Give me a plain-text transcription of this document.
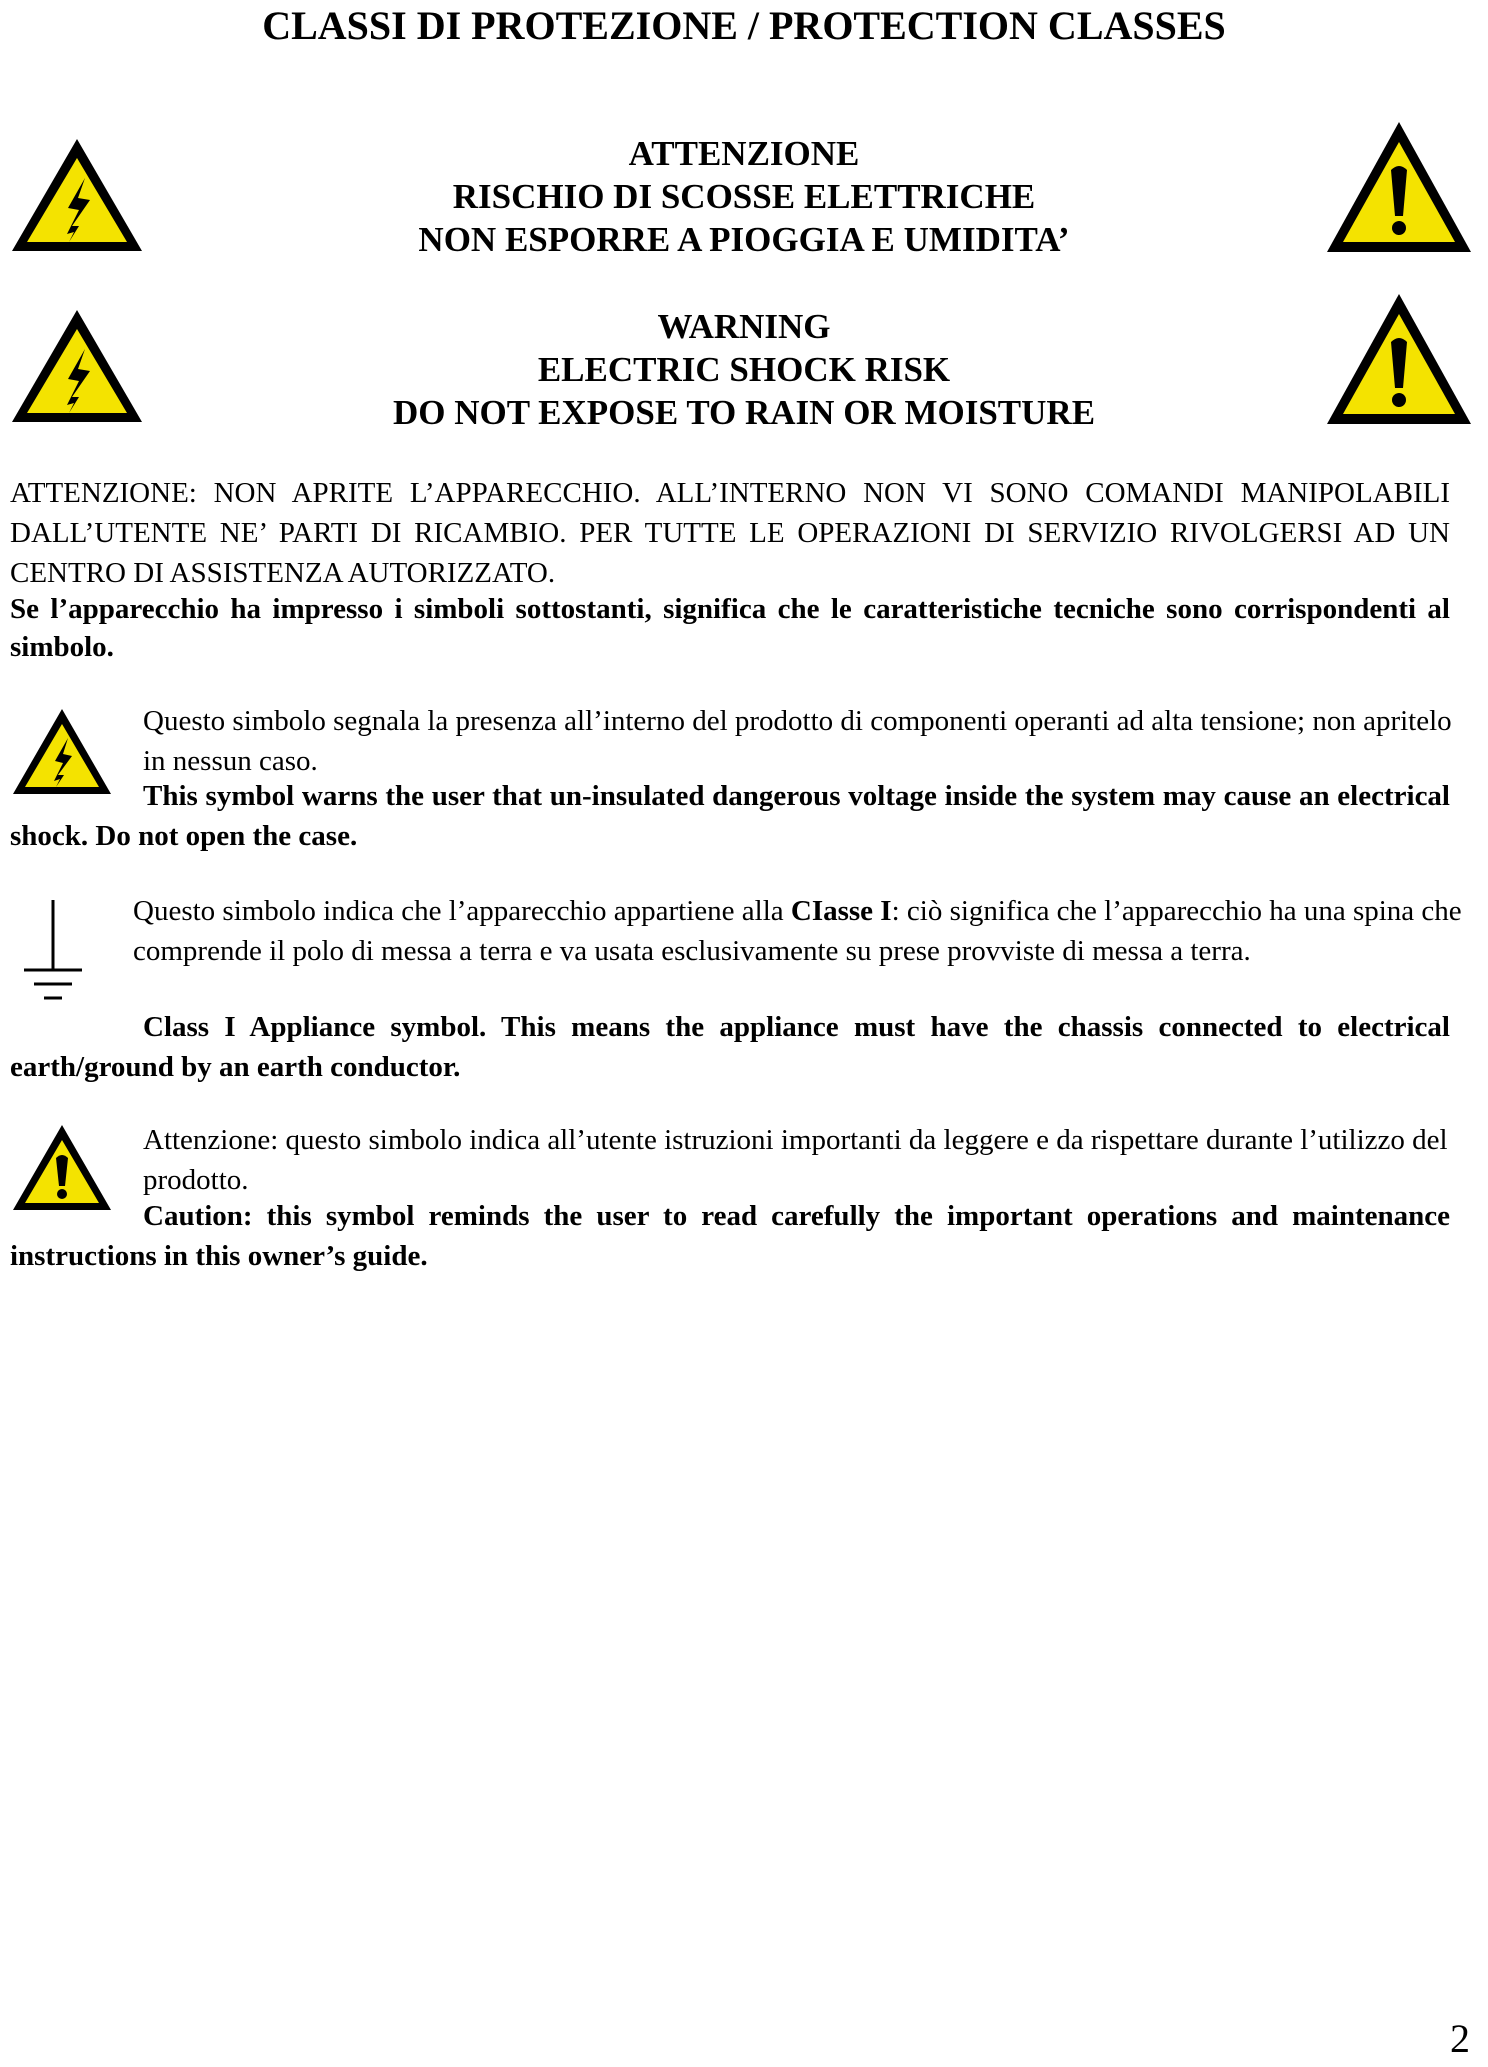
CLASSI DI PROTEZIONE / PROTECTION CLASSES
ATTENZIONE
RISCHIO DI SCOSSE ELETTRICHE
NON ESPORRE A PIOGGIA E UMIDITA’
WARNING
ELECTRIC SHOCK RISK
DO NOT EXPOSE TO RAIN OR MOISTURE

ATTENZIONE: NON APRITE L’APPARECCHIO. ALL’INTERNO NON VI SONO COMANDI MANIPOLABILI DALL’UTENTE NE’ PARTI DI RICAMBIO. PER TUTTE LE OPERAZIONI DI SERVIZIO RIVOLGERSI AD UN CENTRO DI ASSISTENZA AUTORIZZATO.

Se l’apparecchio ha impresso i simboli sottostanti, significa che le caratteristiche tecniche sono corrispondenti al simbolo.

Questo simbolo segnala la presenza all’interno del prodotto di componenti operanti ad alta tensione; non apritelo in nessun caso.

This symbol warns the user that un-insulated dangerous voltage inside the system may cause an electrical shock. Do not open the case.

Questo simbolo indica che l’apparecchio appartiene alla CIasse I: ciò significa che l’apparecchio ha una spina che comprende il polo di messa a terra e va usata esclusivamente su prese provviste di messa a terra.

Class I Appliance symbol. This means the appliance must have the chassis connected to electrical earth/ground by an earth conductor.

Attenzione: questo simbolo indica all’utente istruzioni importanti da leggere e da rispettare durante l’utilizzo del prodotto.

Caution: this symbol reminds the user to read carefully the important operations and maintenance instructions in this owner’s guide.

2
